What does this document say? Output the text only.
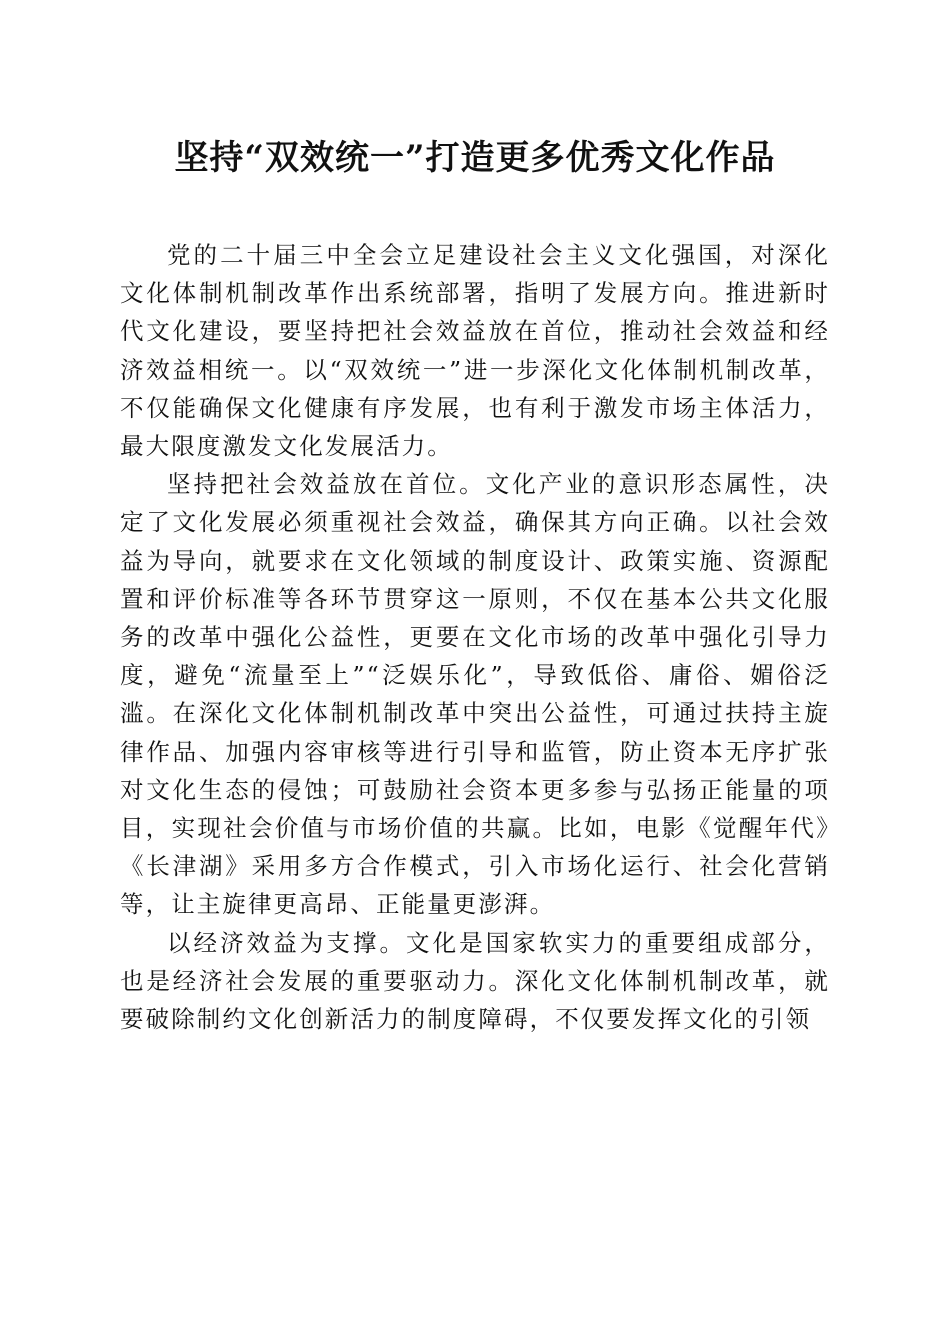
坚持“双效统一”打造更多优秀文化作品

党的二十届三中全会立足建设社会主义文化强国，对深化文化体制机制改革作出系统部署，指明了发展方向。推进新时代文化建设，要坚持把社会效益放在首位，推动社会效益和经济效益相统一。以“双效统一”进一步深化文化体制机制改革，不仅能确保文化健康有序发展，也有利于激发市场主体活力，最大限度激发文化发展活力。

坚持把社会效益放在首位。文化产业的意识形态属性，决定了文化发展必须重视社会效益，确保其方向正确。以社会效益为导向，就要求在文化领域的制度设计、政策实施、资源配置和评价标准等各环节贯穿这一原则，不仅在基本公共文化服务的改革中强化公益性，更要在文化市场的改革中强化引导力度，避免“流量至上”“泛娱乐化”，导致低俗、庸俗、媚俗泛滥。在深化文化体制机制改革中突出公益性，可通过扶持主旋律作品、加强内容审核等进行引导和监管，防止资本无序扩张对文化生态的侵蚀；可鼓励社会资本更多参与弘扬正能量的项目，实现社会价值与市场价值的共赢。比如，电影《觉醒年代》《长津湖》采用多方合作模式，引入市场化运行、社会化营销等，让主旋律更高昂、正能量更澎湃。

以经济效益为支撑。文化是国家软实力的重要组成部分，也是经济社会发展的重要驱动力。深化文化体制机制改革，就要破除制约文化创新活力的制度障碍，不仅要发挥文化的引领
